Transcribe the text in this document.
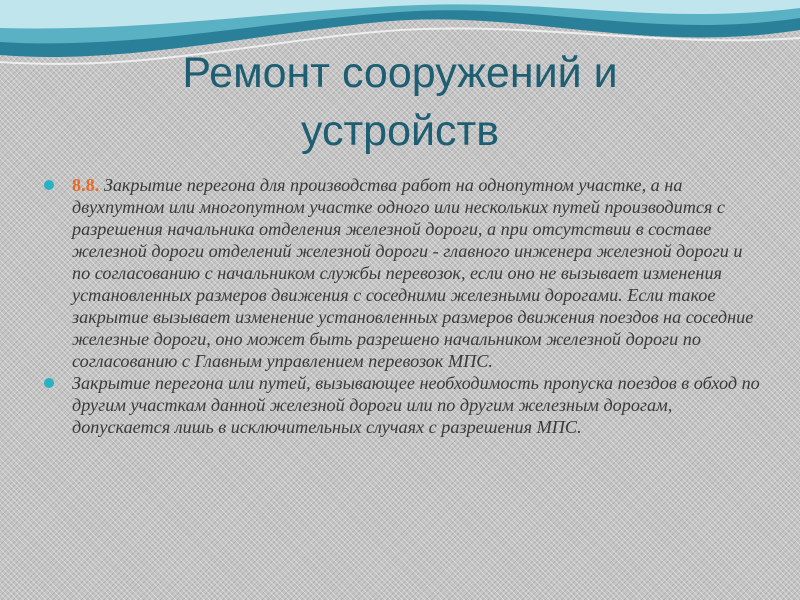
Ремонт сооружений и
устройств

8.8. Закрытие перегона для производства работ на однопутном участке, а на двухпутном или многопутном участке одного или нескольких путей производится с разрешения начальника отделения железной дороги, а при отсутствии в составе железной дороги отделений железной дороги - главного инженера железной дороги и по согласованию с начальником службы перевозок, если оно не вызывает изменения установленных размеров движения с соседними железными дорогами. Если такое закрытие вызывает изменение установленных размеров движения поездов на соседние железные дороги, оно может быть разрешено начальником железной дороги по согласованию с Главным управлением перевозок МПС.

Закрытие перегона или путей, вызывающее необходимость пропуска поездов в обход по другим участкам данной железной дороги или по другим железным дорогам, допускается лишь в исключительных случаях с разрешения МПС.
